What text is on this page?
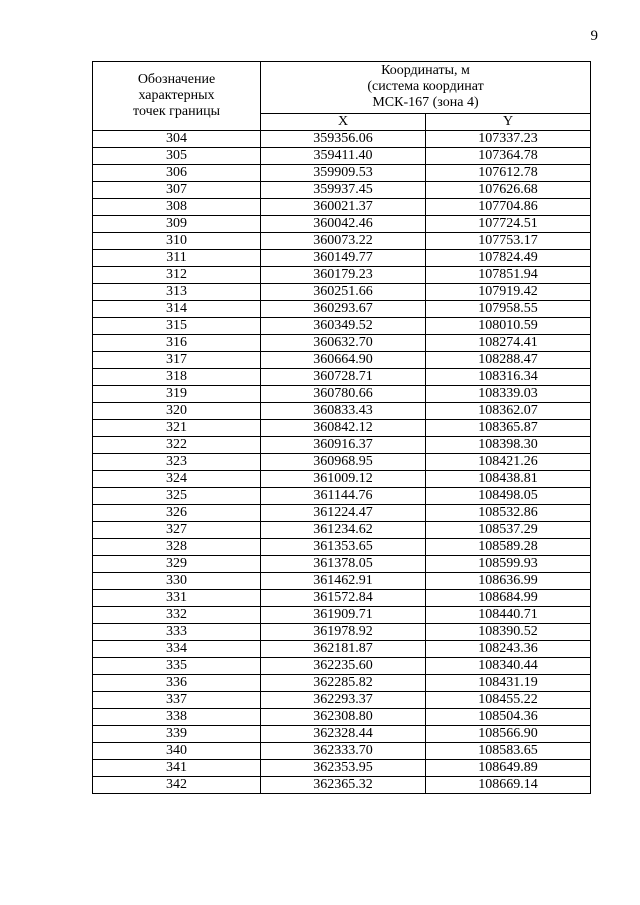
9
Обозначение
характерных
точек границы	Координаты, м
(система координат
МСК-167 (зона 4)	

	X	Y
304	359356.06	107337.23
305	359411.40	107364.78
306	359909.53	107612.78
307	359937.45	107626.68
308	360021.37	107704.86
309	360042.46	107724.51
310	360073.22	107753.17
311	360149.77	107824.49
312	360179.23	107851.94
313	360251.66	107919.42
314	360293.67	107958.55
315	360349.52	108010.59
316	360632.70	108274.41
317	360664.90	108288.47
318	360728.71	108316.34
319	360780.66	108339.03
320	360833.43	108362.07
321	360842.12	108365.87
322	360916.37	108398.30
323	360968.95	108421.26
324	361009.12	108438.81
325	361144.76	108498.05
326	361224.47	108532.86
327	361234.62	108537.29
328	361353.65	108589.28
329	361378.05	108599.93
330	361462.91	108636.99
331	361572.84	108684.99
332	361909.71	108440.71
333	361978.92	108390.52
334	362181.87	108243.36
335	362235.60	108340.44
336	362285.82	108431.19
337	362293.37	108455.22
338	362308.80	108504.36
339	362328.44	108566.90
340	362333.70	108583.65
341	362353.95	108649.89
342	362365.32	108669.14
